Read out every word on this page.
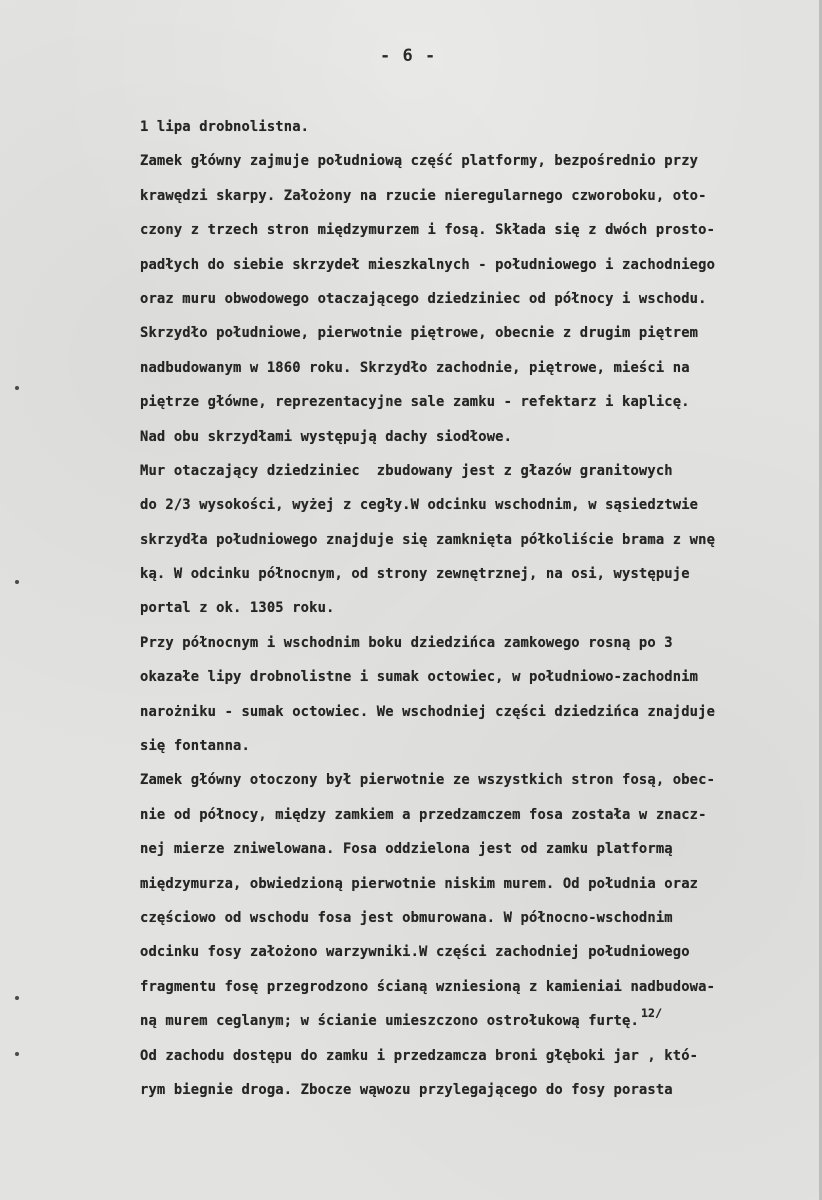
- 6 -
1 lipa drobnolistna.
Zamek główny zajmuje południową część platformy, bezpośrednio przy
krawędzi skarpy. Założony na rzucie nieregularnego czworoboku, oto-
czony z trzech stron międzymurzem i fosą. Składa się z dwóch prosto-
padłych do siebie skrzydeł mieszkalnych - południowego i zachodniego
oraz muru obwodowego otaczającego dziedziniec od północy i wschodu.
Skrzydło południowe, pierwotnie piętrowe, obecnie z drugim piętrem
nadbudowanym w 1860 roku. Skrzydło zachodnie, piętrowe, mieści na
piętrze główne, reprezentacyjne sale zamku - refektarz i kaplicę.
Nad obu skrzydłami występują dachy siodłowe.
Mur otaczający dziedziniec  zbudowany jest z głazów granitowych
do 2/3 wysokości, wyżej z cegły.W odcinku wschodnim, w sąsiedztwie
skrzydła południowego znajduje się zamknięta półkoliście brama z wnę
ką. W odcinku północnym, od strony zewnętrznej, na osi, występuje
portal z ok. 1305 roku.
Przy północnym i wschodnim boku dziedzińca zamkowego rosną po 3
okazałe lipy drobnolistne i sumak octowiec, w południowo-zachodnim
narożniku - sumak octowiec. We wschodniej części dziedzińca znajduje
się fontanna.
Zamek główny otoczony był pierwotnie ze wszystkich stron fosą, obec-
nie od północy, między zamkiem a przedzamczem fosa została w znacz-
nej mierze zniwelowana. Fosa oddzielona jest od zamku platformą
międzymurza, obwiedzioną pierwotnie niskim murem. Od południa oraz
częściowo od wschodu fosa jest obmurowana. W północno-wschodnim
odcinku fosy założono warzywniki.W części zachodniej południowego
fragmentu fosę przegrodzono ścianą wzniesioną z kamieniai nadbudowa-
ną murem ceglanym; w ścianie umieszczono ostrołukową furtę. $^{12/}$
Od zachodu dostępu do zamku i przedzamcza broni głęboki jar , któ-
rym biegnie droga. Zbocze wąwozu przylegającego do fosy porasta
